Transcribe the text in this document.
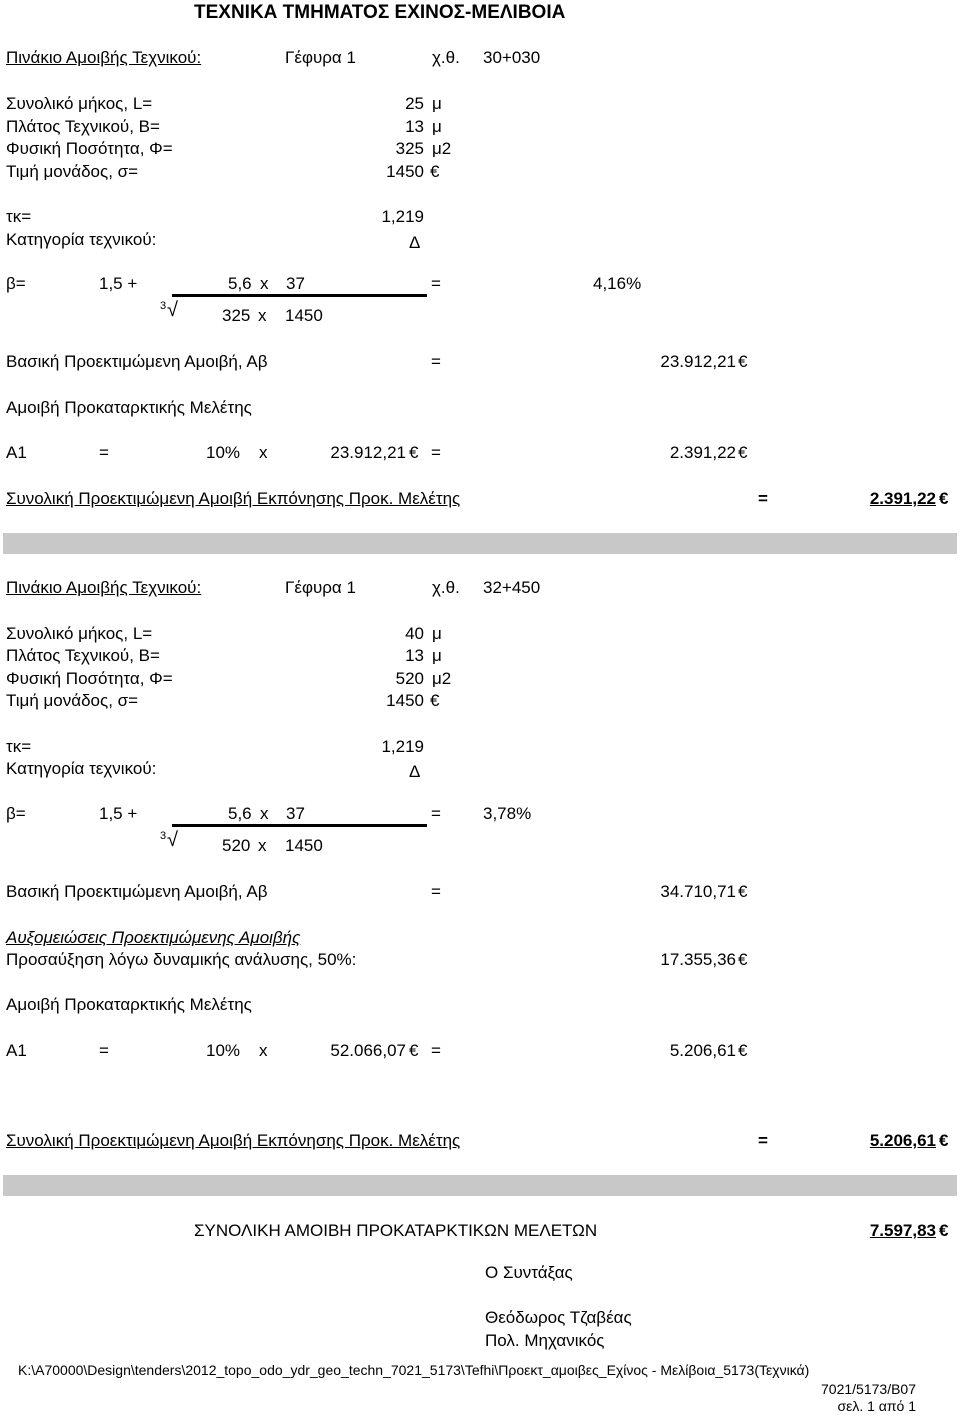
ΤΕΧΝΙΚΑ ΤΜΗΜΑΤΟΣ ΕΧΙΝΟΣ-ΜΕΛΙΒΟΙΑ
Πινάκιο Αμοιβής Τεχνικού:	Γέφυρα 1	χ.θ. 30+030
Συνολικό μήκος, L=	25 μ
Πλάτος Τεχνικού, B=	13 μ
Φυσική Ποσότητα, Φ=	325 μ2
Τιμή μονάδος, σ=	1450 €
τκ=	1,219
Κατηγορία τεχνικού:	Δ
β=	1,5 +	5,6 x 37	=	4,16%
3 √	325 x 1450
Βασική Προεκτιμώμενη Αμοιβή, Αβ	=	23.912,21 €
Αμοιβή Προκαταρκτικής Μελέτης
Α1	=	10% x	23.912,21 € =	2.391,22 €
Συνολική Προεκτιμώμενη Αμοιβή Εκπόνησης Προκ. Μελέτης	=	2.391,22 €
Πινάκιο Αμοιβής Τεχνικού:	Γέφυρα 1	χ.θ. 32+450
Συνολικό μήκος, L=	40 μ
Πλάτος Τεχνικού, B=	13 μ
Φυσική Ποσότητα, Φ=	520 μ2
Τιμή μονάδος, σ=	1450 €
τκ=	1,219
Κατηγορία τεχνικού:	Δ
β=	1,5 +	5,6 x 37	= 3,78%
3 √	520 x 1450
Βασική Προεκτιμώμενη Αμοιβή, Αβ	=	34.710,71 €
Αυξομειώσεις Προεκτιμώμενης Αμοιβής
Προσαύξηση λόγω δυναμικής ανάλυσης, 50%:	17.355,36 €
Αμοιβή Προκαταρκτικής Μελέτης
Α1	=	10% x	52.066,07 € =	5.206,61 €
Συνολική Προεκτιμώμενη Αμοιβή Εκπόνησης Προκ. Μελέτης	=	5.206,61 €
ΣΥΝΟΛΙΚΗ ΑΜΟΙΒΗ ΠΡΟΚΑΤΑΡΚΤΙΚΩΝ ΜΕΛΕΤΩΝ	7.597,83 €
Ο Συντάξας
Θεόδωρος Τζαβέας
Πολ. Μηχανικός
K:\A70000\Design\tenders\2012_topo_odo_ydr_geo_techn_7021_5173\Tefhi\Προεκτ_αμοιβες_Εχίνος - Μελίβοια_5173(Τεχνικά)
7021/5173/B07
σελ. 1 από 1
